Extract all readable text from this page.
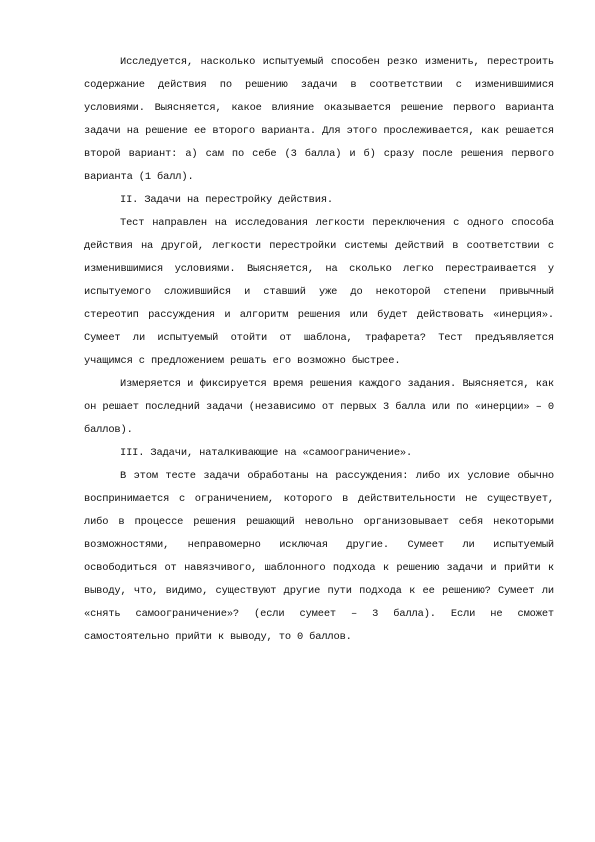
Исследуется, насколько испытуемый способен резко изменить, перестроить содержание действия по решению задачи в соответствии с изменившимися условиями. Выясняется, какое влияние оказывается решение первого варианта задачи на решение ее второго варианта. Для этого прослеживается, как решается второй вариант: а) сам по себе (3 балла) и б) сразу после решения первого варианта (1 балл).

II. Задачи на перестройку действия.

Тест направлен на исследования легкости переключения с одного способа действия на другой, легкости перестройки системы действий в соответствии с изменившимися условиями. Выясняется, на сколько легко перестраивается у испытуемого сложившийся и ставший уже до некоторой степени привычный стереотип рассуждения и алгоритм решения или будет действовать «инерция». Сумеет ли испытуемый отойти от шаблона, трафарета? Тест предъявляется учащимся с предложением решать его возможно быстрее.

Измеряется и фиксируется время решения каждого задания. Выясняется, как он решает последний задачи (независимо от первых 3 балла или по «инерции» – 0 баллов).

III. Задачи, наталкивающие на «самоограничение».

В этом тесте задачи обработаны на рассуждения: либо их условие обычно воспринимается с ограничением, которого в действительности не существует, либо в процессе решения решающий невольно организовывает себя некоторыми возможностями, неправомерно исключая другие. Сумеет ли испытуемый освободиться от навязчивого, шаблонного подхода к решению задачи и прийти к выводу, что, видимо, существуют другие пути подхода к ее решению? Сумеет ли «снять самоограничение»? (если сумеет – 3 балла). Если не сможет самостоятельно прийти к выводу, то 0 баллов.
